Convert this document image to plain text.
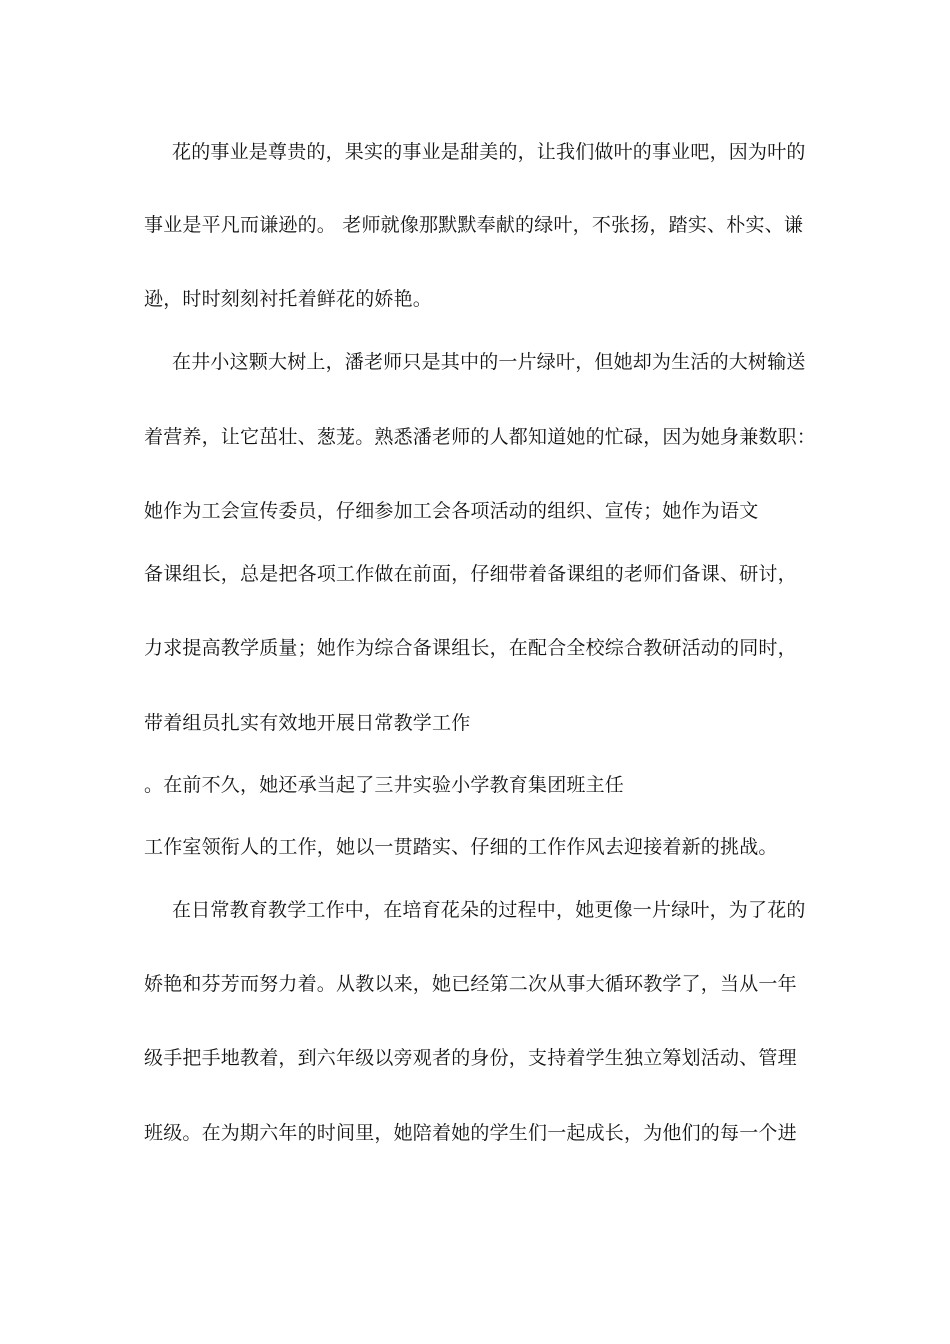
花的事业是尊贵的，果实的事业是甜美的，让我们做叶的事业吧，因为叶的
事业是平凡而谦逊的。 老师就像那默默奉献的绿叶，不张扬，踏实、朴实、谦
逊，时时刻刻衬托着鲜花的娇艳。
在井小这颗大树上，潘老师只是其中的一片绿叶，但她却为生活的大树输送
着营养，让它茁壮、葱茏。熟悉潘老师的人都知道她的忙碌，因为她身兼数职：
她作为工会宣传委员，仔细参加工会各项活动的组织、宣传；她作为语文
备课组长，总是把各项工作做在前面，仔细带着备课组的老师们备课、研讨，
力求提高教学质量；她作为综合备课组长，在配合全校综合教研活动的同时，
带着组员扎实有效地开展日常教学工作
。在前不久，她还承当起了三井实验小学教育集团班主任
工作室领衔人的工作，她以一贯踏实、仔细的工作作风去迎接着新的挑战。
在日常教育教学工作中，在培育花朵的过程中，她更像一片绿叶，为了花的
娇艳和芬芳而努力着。从教以来，她已经第二次从事大循环教学了，当从一年
级手把手地教着，到六年级以旁观者的身份，支持着学生独立筹划活动、管理
班级。在为期六年的时间里，她陪着她的学生们一起成长，为他们的每一个进
